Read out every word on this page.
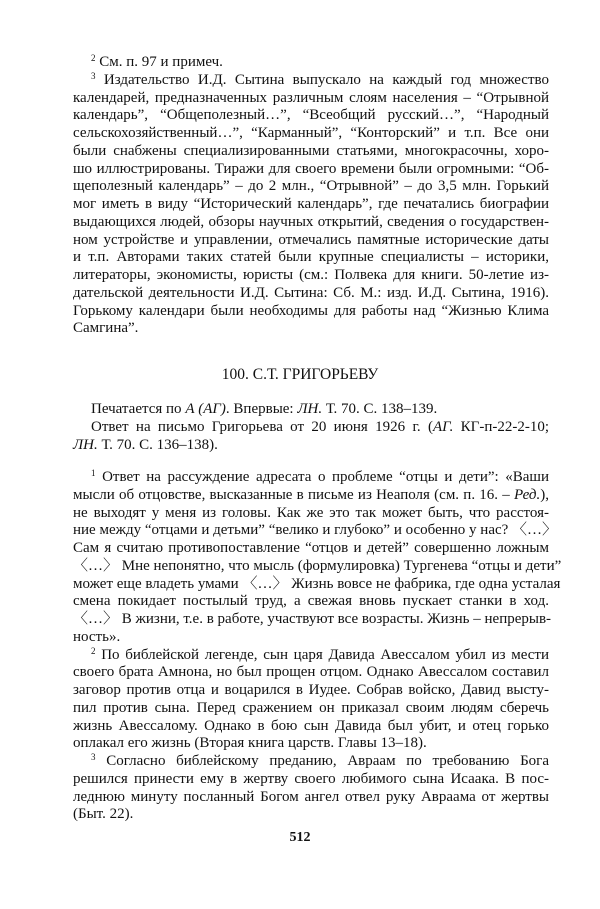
$^2$ См. п. 97 и примеч.
$^3$ Издательство И.Д. Сытина выпускало на каждый год множество
календарей, предназначенных различным слоям населения – “Отрывной
календарь”, “Общеполезный…”, “Всеобщий русский…”, “Народный
сельскохозяйственный…”, “Карманный”, “Конторский” и т.п. Все они
были снабжены специализированными статьями, многокрасочны, хоро-
шо иллюстрированы. Тиражи для своего времени были огромными: “Об-
щеполезный календарь” – до 2 млн., “Отрывной” – до 3,5 млн. Горький
мог иметь в виду “Исторический календарь”, где печатались биографии
выдающихся людей, обзоры научных открытий, сведения о государствен-
ном устройстве и управлении, отмечались памятные исторические даты
и т.п. Авторами таких статей были крупные специалисты – историки,
литераторы, экономисты, юристы (см.: Полвека для книги. 50-летие из-
дательской деятельности И.Д. Сытина: Сб. М.: изд. И.Д. Сытина, 1916).
Горькому календари были необходимы для работы над “Жизнью Клима
Самгина”.
100. С.Т. ГРИГОРЬЕВУ
Печатается по А (АГ). Впервые: ЛН. Т. 70. С. 138–139.
Ответ на письмо Григорьева от 20 июня 1926 г. (АГ. КГ-п-22-2-10;
ЛН. Т. 70. С. 136–138).
$^1$ Ответ на рассуждение адресата о проблеме “отцы и дети”: «Ваши
мысли об отцовстве, высказанные в письме из Неаполя (см. п. 16. – Ред.),
не выходят у меня из головы. Как же это так может быть, что расстоя-
ние между “отцами и детьми” “велико и глубоко” и особенно у нас? 〈…〉
Сам я считаю противопоставление “отцов и детей” совершенно ложным
〈…〉 Мне непонятно, что мысль (формулировка) Тургенева “отцы и дети”
может еще владеть умами 〈…〉 Жизнь вовсе не фабрика, где одна усталая
смена покидает постылый труд, а свежая вновь пускает станки в ход.
〈…〉 В жизни, т.е. в работе, участвуют все возрасты. Жизнь – непрерыв-
ность».
$^2$ По библейской легенде, сын царя Давида Авессалом убил из мести
своего брата Амнона, но был прощен отцом. Однако Авессалом составил
заговор против отца и воцарился в Иудее. Собрав войско, Давид высту-
пил против сына. Перед сражением он приказал своим людям сберечь
жизнь Авессалому. Однако в бою сын Давида был убит, и отец горько
оплакал его жизнь (Вторая книга царств. Главы 13–18).
$^3$ Согласно библейскому преданию, Авраам по требованию Бога
решился принести ему в жертву своего любимого сына Исаака. В пос-
леднюю минуту посланный Богом ангел отвел руку Авраама от жертвы
(Быт. 22).
512
